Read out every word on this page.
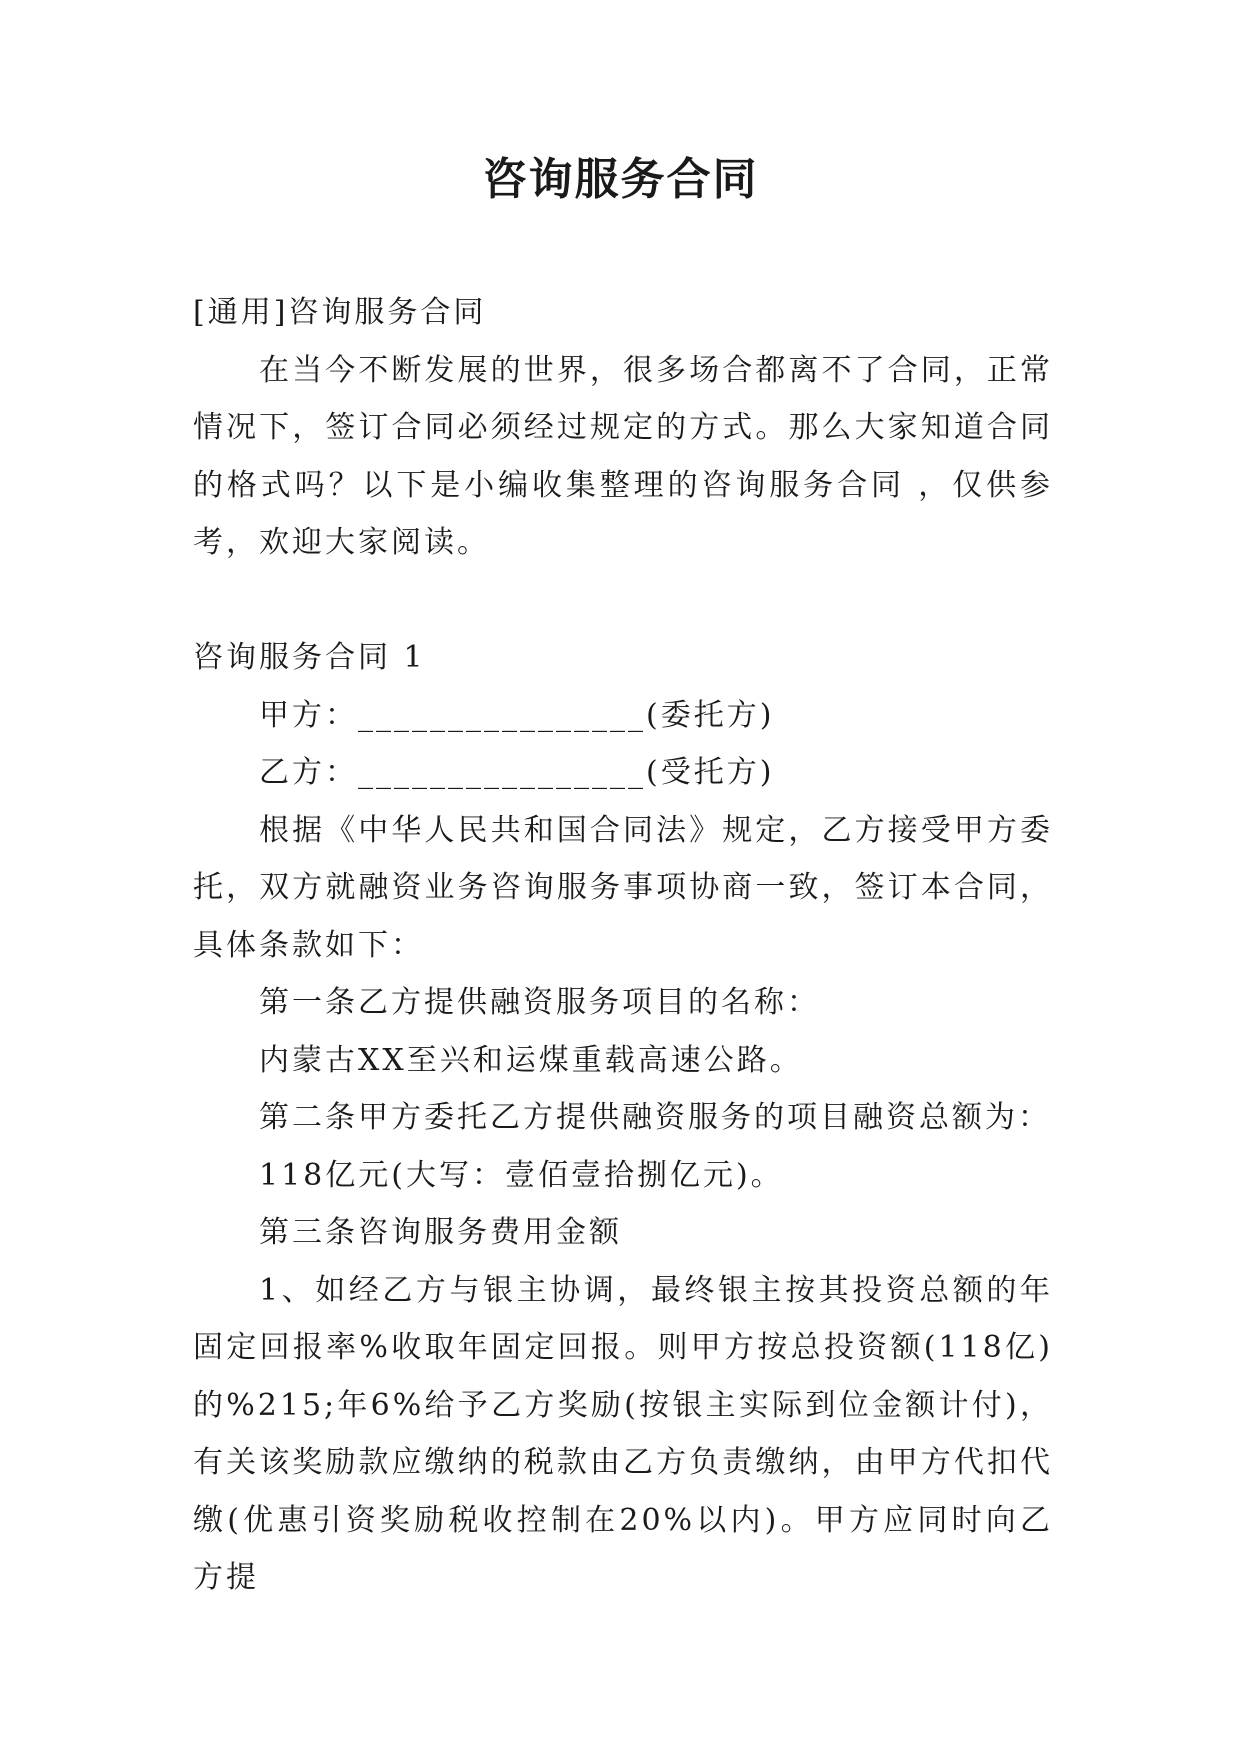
咨询服务合同

[通用]咨询服务合同

在当今不断发展的世界，很多场合都离不了合同，正常情况下，签订合同必须经过规定的方式。那么大家知道合同的格式吗？以下是小编收集整理的咨询服务合同 ，仅供参考，欢迎大家阅读。

咨询服务合同 1

甲方：________________(委托方)

乙方：________________(受托方)

根据《中华人民共和国合同法》规定，乙方接受甲方委托，双方就融资业务咨询服务事项协商一致，签订本合同，具体条款如下：

第一条乙方提供融资服务项目的名称：

内蒙古XX至兴和运煤重载高速公路。

第二条甲方委托乙方提供融资服务的项目融资总额为：

118亿元(大写：壹佰壹拾捌亿元)。

第三条咨询服务费用金额

1、如经乙方与银主协调，最终银主按其投资总额的年固定回报率%收取年固定回报。则甲方按总投资额(118亿)的%215;年6%给予乙方奖励(按银主实际到位金额计付)，有关该奖励款应缴纳的税款由乙方负责缴纳，由甲方代扣代缴(优惠引资奖励税收控制在20%以内)。甲方应同时向乙方提
